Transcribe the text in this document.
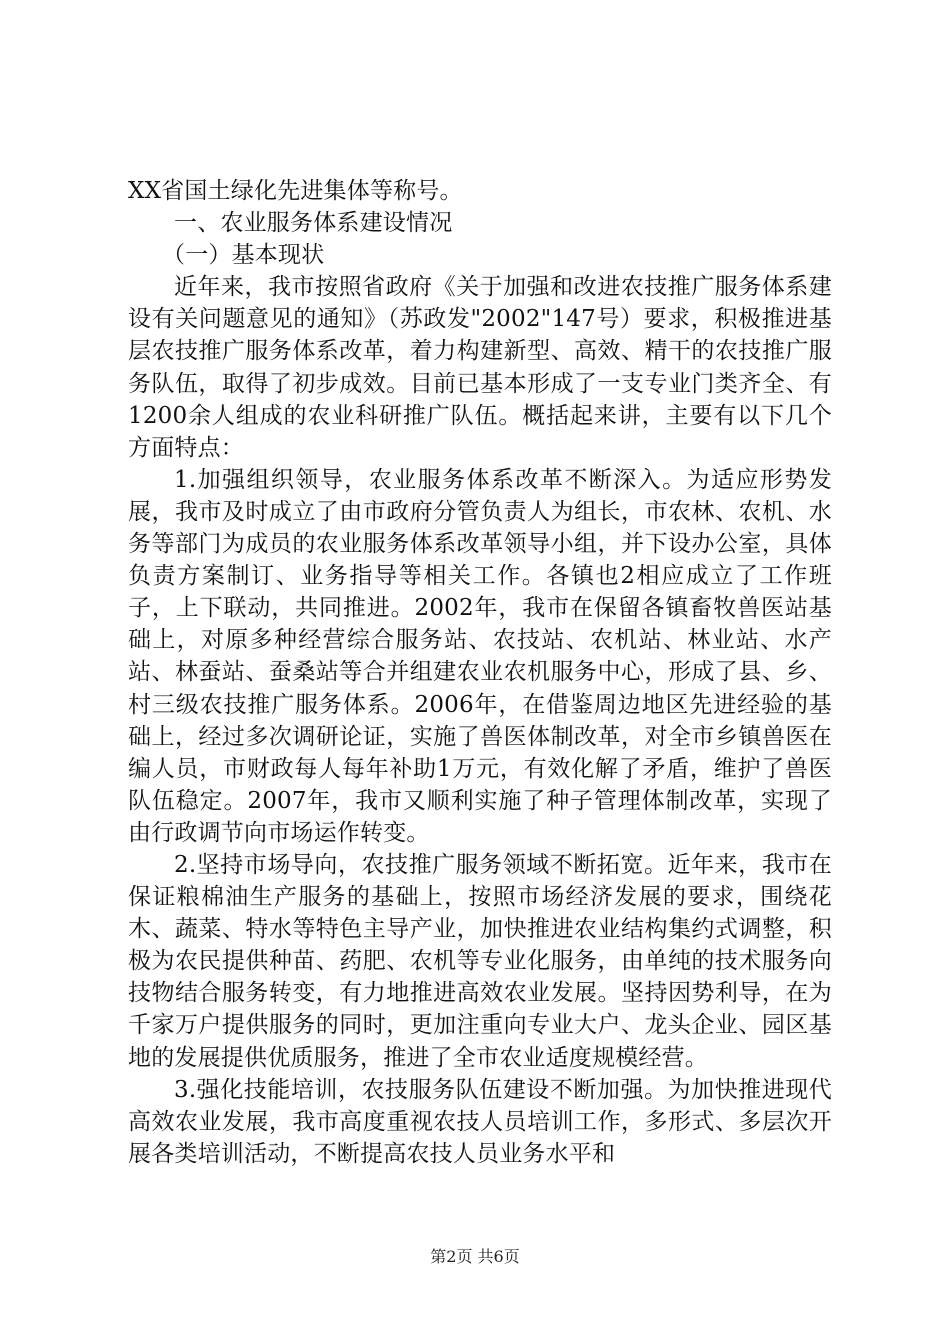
XX省国土绿化先进集体等称号。

一、农业服务体系建设情况

（一）基本现状

近年来，我市按照省政府《关于加强和改进农技推广服务体系建设有关问题意见的通知》（苏政发"2002"147号）要求，积极推进基层农技推广服务体系改革，着力构建新型、高效、精干的农技推广服务队伍，取得了初步成效。目前已基本形成了一支专业门类齐全、有1200余人组成的农业科研推广队伍。概括起来讲，主要有以下几个方面特点：

1.加强组织领导，农业服务体系改革不断深入。为适应形势发展，我市及时成立了由市政府分管负责人为组长，市农林、农机、水务等部门为成员的农业服务体系改革领导小组，并下设办公室，具体负责方案制订、业务指导等相关工作。各镇也2相应成立了工作班子，上下联动，共同推进。2002年，我市在保留各镇畜牧兽医站基础上，对原多种经营综合服务站、农技站、农机站、林业站、水产站、林蚕站、蚕桑站等合并组建农业农机服务中心，形成了县、乡、村三级农技推广服务体系。2006年，在借鉴周边地区先进经验的基础上，经过多次调研论证，实施了兽医体制改革，对全市乡镇兽医在编人员，市财政每人每年补助1万元，有效化解了矛盾，维护了兽医队伍稳定。2007年，我市又顺利实施了种子管理体制改革，实现了由行政调节向市场运作转变。

2.坚持市场导向，农技推广服务领域不断拓宽。近年来，我市在保证粮棉油生产服务的基础上，按照市场经济发展的要求，围绕花木、蔬菜、特水等特色主导产业，加快推进农业结构集约式调整，积极为农民提供种苗、药肥、农机等专业化服务，由单纯的技术服务向技物结合服务转变，有力地推进高效农业发展。坚持因势利导，在为千家万户提供服务的同时，更加注重向专业大户、龙头企业、园区基地的发展提供优质服务，推进了全市农业适度规模经营。

3.强化技能培训，农技服务队伍建设不断加强。为加快推进现代高效农业发展，我市高度重视农技人员培训工作，多形式、多层次开展各类培训活动，不断提高农技人员业务水平和

第2页 共6页
